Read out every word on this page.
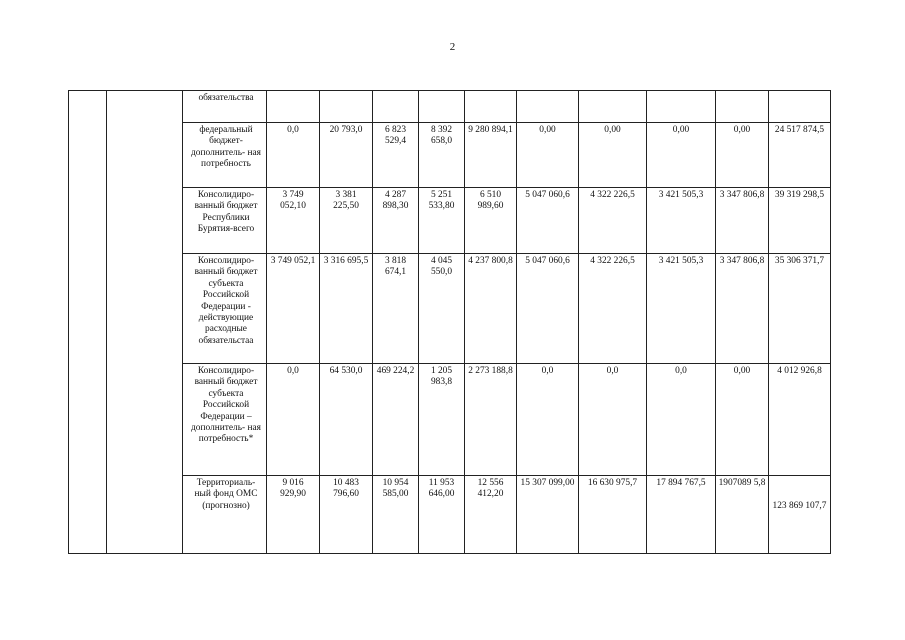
2
		обязательства										
		федеральный бюджет- дополнитель- ная потребность	0,0	20 793,0	6 823 529,4	8 392 658,0	9 280 894,1	0,00	0,00	0,00	0,00	24 517 874,5
		Консолидиро- ванный бюджет Республики Бурятия-всего	3 749 052,10	3 381 225,50	4 287 898,30	5 251 533,80	6 510 989,60	5 047 060,6	4 322 226,5	3 421 505,3	3 347 806,8	39 319 298,5
		Консолидиро- ванный бюджет субъекта Российской Федерации - действующие расходные обязательстaa	3 749 052,1	3 316 695,5	3 818 674,1	4 045 550,0	4 237 800,8	5 047 060,6	4 322 226,5	3 421 505,3	3 347 806,8	35 306 371,7
		Консолидиро- ванный бюджет субъекта Российской Федерации – дополнитель- ная потребность*	0,0	64 530,0	469 224,2	1 205 983,8	2 273 188,8	0,0	0,0	0,0	0,00	4 012 926,8
		Территориаль- ный фонд ОМС (прогнозно)	9 016 929,90	10 483 796,60	10 954 585,00	11 953 646,00	12 556 412,20	15 307 099,00	16 630 975,7	17 894 767,5	1907089 5,8	123 869 107,7
